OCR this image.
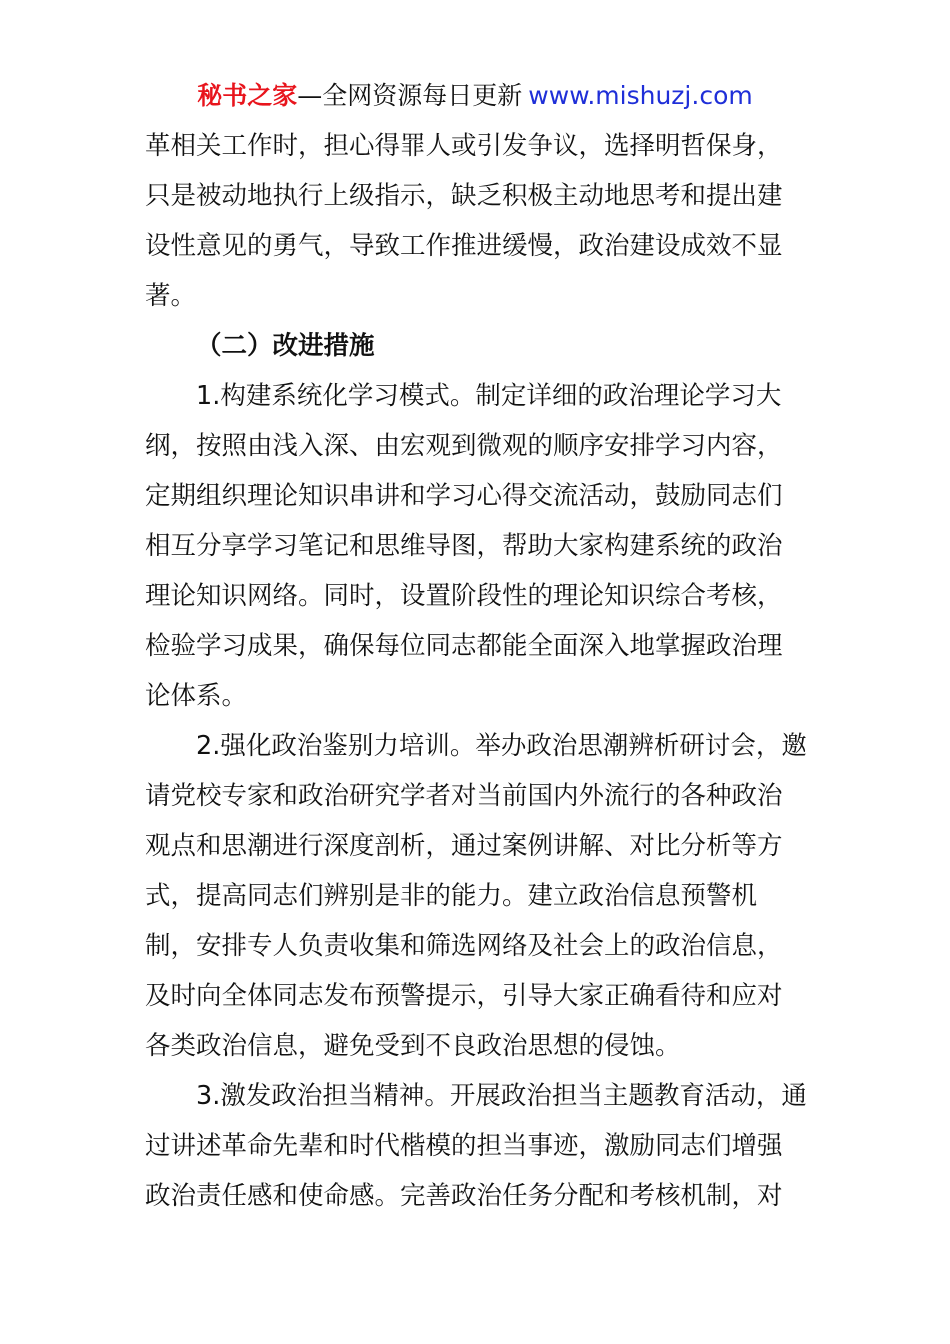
秘书之家—全网资源每日更新 www.mishuzj.com
革相关工作时，担心得罪人或引发争议，选择明哲保身，
只是被动地执行上级指示，缺乏积极主动地思考和提出建
设性意见的勇气，导致工作推进缓慢，政治建设成效不显
著。
（二）改进措施
1.构建系统化学习模式。制定详细的政治理论学习大
纲，按照由浅入深、由宏观到微观的顺序安排学习内容，
定期组织理论知识串讲和学习心得交流活动，鼓励同志们
相互分享学习笔记和思维导图，帮助大家构建系统的政治
理论知识网络。同时，设置阶段性的理论知识综合考核，
检验学习成果，确保每位同志都能全面深入地掌握政治理
论体系。
2.强化政治鉴别力培训。举办政治思潮辨析研讨会，邀
请党校专家和政治研究学者对当前国内外流行的各种政治
观点和思潮进行深度剖析，通过案例讲解、对比分析等方
式，提高同志们辨别是非的能力。建立政治信息预警机
制，安排专人负责收集和筛选网络及社会上的政治信息，
及时向全体同志发布预警提示，引导大家正确看待和应对
各类政治信息，避免受到不良政治思想的侵蚀。
3.激发政治担当精神。开展政治担当主题教育活动，通
过讲述革命先辈和时代楷模的担当事迹，激励同志们增强
政治责任感和使命感。完善政治任务分配和考核机制，对
